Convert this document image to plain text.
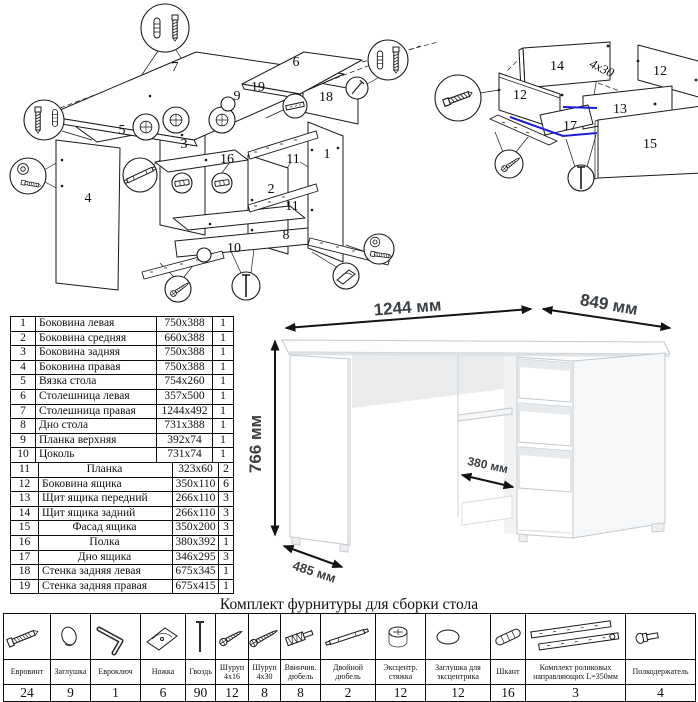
7	6
19
9	18
5
3
4
16	11 1
2
11
8
10
14
12
12
13
17
15
4х30
1	Боковина левая	750x388	1
2	Боковина средняя	660x388	1
3	Боковина задняя	750x388	1
4	Боковина правая	750x388	1
5	Вязка стола	754x260	1
6	Столешница левая	357x500	1
7	Столешница правая	1244x492	1
8	Дно стола	731x388	1
9	Планка верхняя	392x74	1
10	Цоколь	731x74	1
11	Планка	323x60	2
12	Боковина ящика	350x110	6
13	Щит ящика передний	266x110	3
14	Щит ящика задний	266x110	3
15	Фасад ящика	350x200	3
16	Полка	380x392	1
17	Дно ящика	346x295	3
18	Стенка задняя левая	675x345	1
19	Стенка задняя правая	675x415	1
1244 мм	849 мм
766 мм	380 мм
485 мм
Комплект фурнитуры для сборки стола

Евровинт	Заглушка	Евроключ	Ножка	Гвоздь	Шуруп 4x16	Шуруп 4x30	Ввинчив. дюбель	Двойной дюбель	Эксцентр. стяжка	Заглушка для эксцентрика	Шкант	Комплект роликовых направляющих L=350мм	Полкодержатель
24	9	1	6	90	12	8	8	2	12	12	16	3	4
